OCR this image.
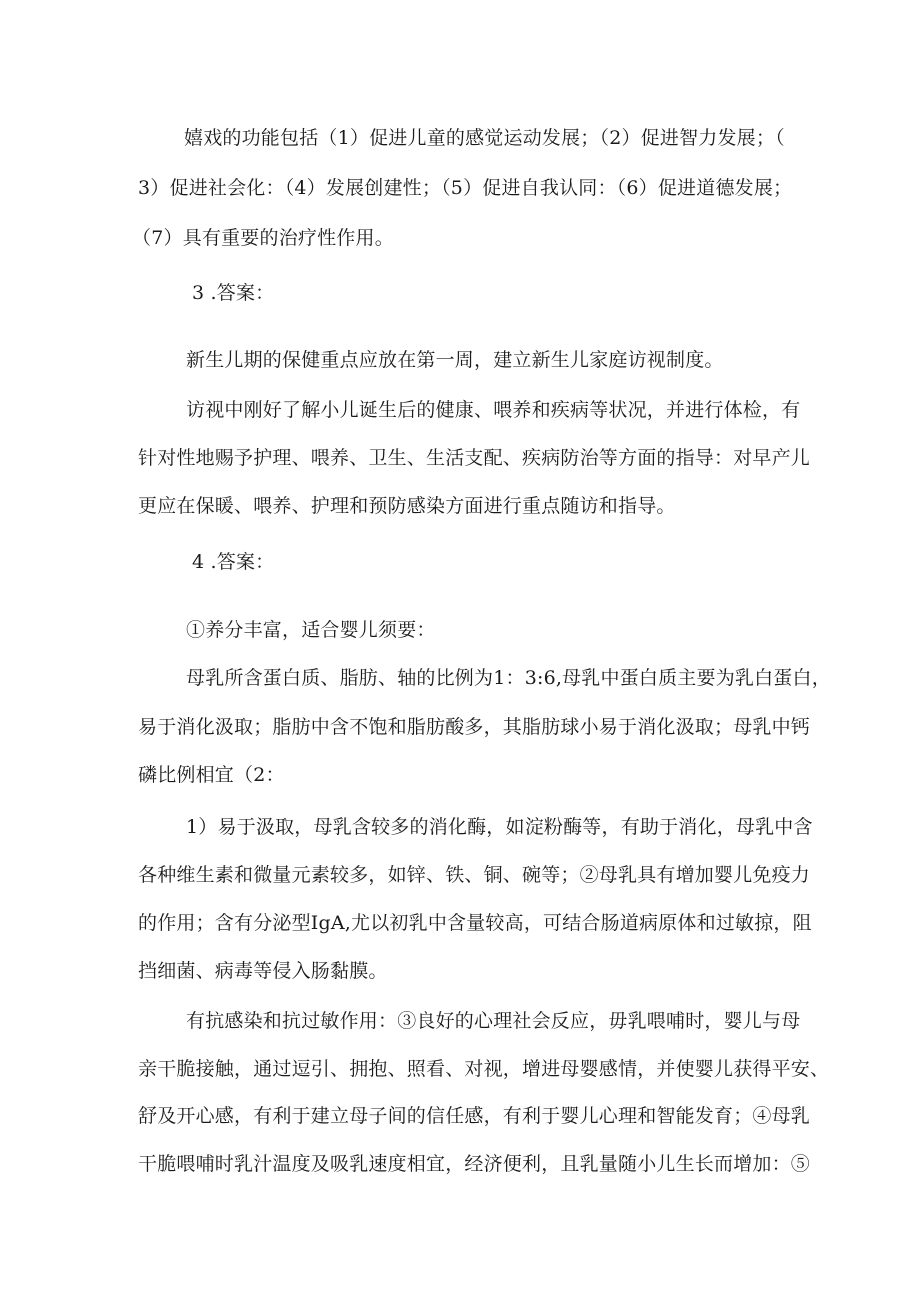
嬉戏的功能包括（1）促进儿童的感觉运动发展；（2）促进智力发展；（
3）促进社会化：（4）发展创建性；（5）促进自我认同：（6）促进道德发展；
（7）具有重要的治疗性作用。
3 .答案：
新生儿期的保健重点应放在第一周，建立新生儿家庭访视制度。
访视中刚好了解小儿诞生后的健康、喂养和疾病等状况，并进行体检，有
针对性地赐予护理、喂养、卫生、生活支配、疾病防治等方面的指导：对早产儿
更应在保暖、喂养、护理和预防感染方面进行重点随访和指导。
4 .答案：
①养分丰富，适合婴儿须要：
母乳所含蛋白质、脂肪、轴的比例为1：3:6,母乳中蛋白质主要为乳白蛋白，
易于消化汲取；脂肪中含不饱和脂肪酸多，其脂肪球小易于消化汲取；母乳中钙
磷比例相宜（2：
1）易于汲取，母乳含较多的消化酶，如淀粉酶等，有助于消化，母乳中含
各种维生素和微量元素较多，如锌、铁、铜、碗等；②母乳具有增加婴儿免疫力
的作用；含有分泌型IgA,尤以初乳中含量较高，可结合肠道病原体和过敏掠，阻
挡细菌、病毒等侵入肠黏膜。
有抗感染和抗过敏作用：③良好的心理社会反应，毋乳喂哺时，婴儿与母
亲干脆接触，通过逗引、拥抱、照看、对视，增进母婴感情，并使婴儿获得平安、
舒及开心感，有利于建立母子间的信任感，有利于婴儿心理和智能发育；④母乳
干脆喂哺时乳汁温度及吸乳速度相宜，经济便利，且乳量随小儿生长而增加：⑤
